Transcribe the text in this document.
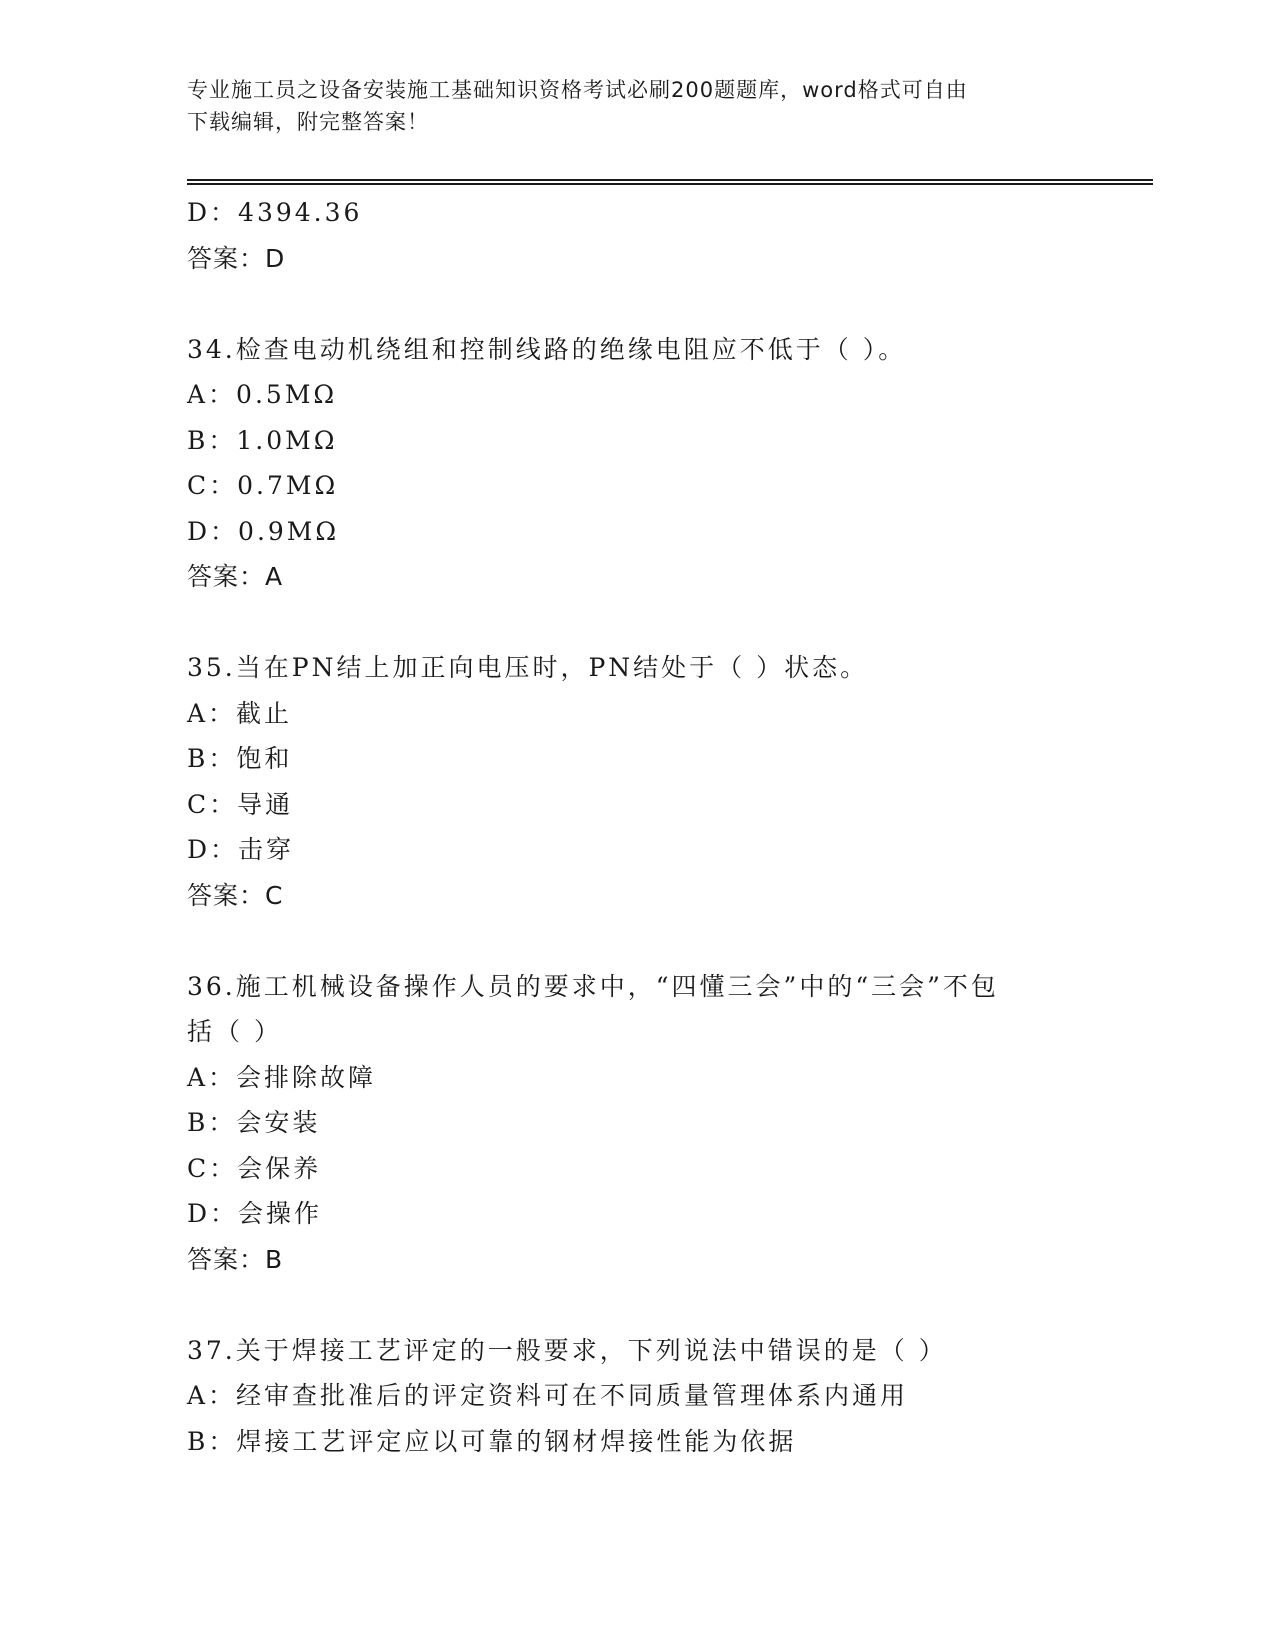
专业施工员之设备安装施工基础知识资格考试必刷200题题库，word格式可自由
下载编辑，附完整答案！
D：4394.36
答案：D
34.检查电动机绕组和控制线路的绝缘电阻应不低于（ ）。
A：0.5MΩ
B：1.0MΩ
C：0.7MΩ
D：0.9MΩ
答案：A
35.当在PN结上加正向电压时，PN结处于（ ）状态。
A：截止
B：饱和
C：导通
D：击穿
答案：C
36.施工机械设备操作人员的要求中，“四懂三会”中的“三会”不包
括（ ）
A：会排除故障
B：会安装
C：会保养
D：会操作
答案：B
37.关于焊接工艺评定的一般要求，下列说法中错误的是（ ）
A：经审查批准后的评定资料可在不同质量管理体系内通用
B：焊接工艺评定应以可靠的钢材焊接性能为依据
